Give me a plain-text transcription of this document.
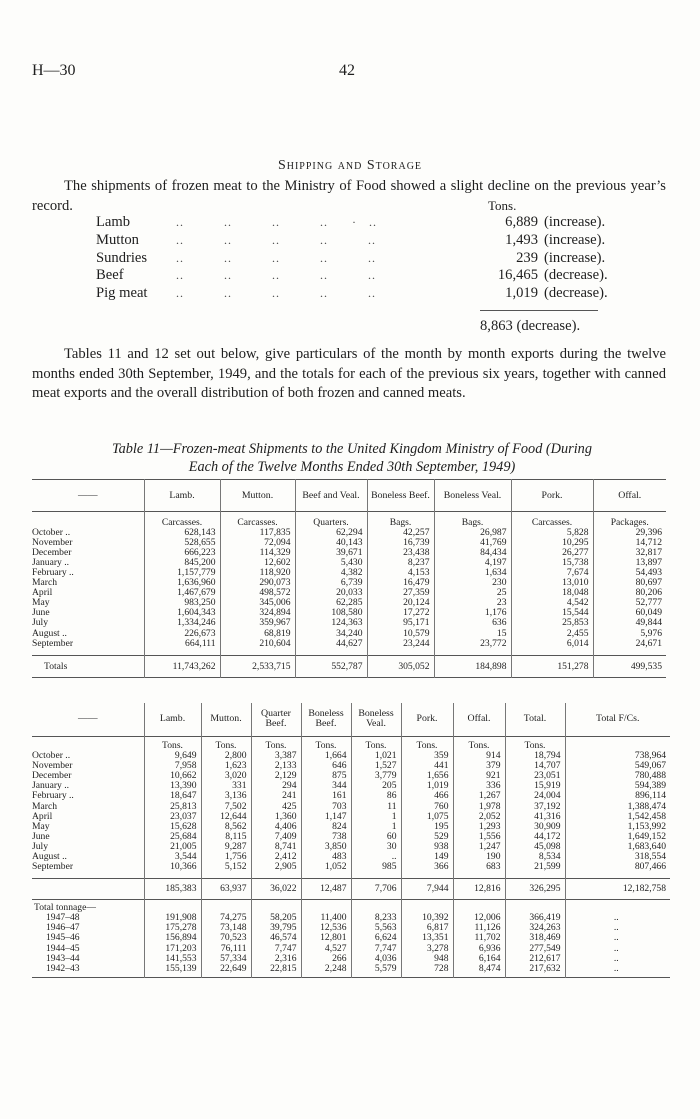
H—30	42
Shipping and Storage
The shipments of frozen meat to the Ministry of Food showed a slight decline on the previous year’s record.	Tons.
Lamb	..          ..          ..          ..      ·   ..	6,889 (increase).
Mutton	..          ..          ..          ..          ..	1,493 (increase).
Sundries ..          ..          ..          ..          ..	239 (increase).
Beef	..          ..          ..          ..          ..	16,465 (decrease).
Pig meat ..          ..          ..          ..          ..	1,019 (decrease).
8,863 (decrease).
Tables 11 and 12 set out below, give particulars of the month by month exports during the twelve months ended 30th September, 1949, and the totals for each of the previous six years, together with canned meat exports and the overall distribution of both frozen and canned meats.
Table 11—Frozen-meat Shipments to the United Kingdom Ministry of Food (During
Each of the Twelve Months Ended 30th September, 1949)
——	Lamb.	Mutton.	Beef and Veal.	Boneless Beef.	Boneless Veal.	Pork.	Offal.

	Carcasses.	Carcasses.	Quarters.	Bags.	Bags.	Carcasses.	Packages.
October ..	628,143	117,835	62,294	42,257	26,987	5,828	29,396
November	528,655	72,094	40,143	16,739	41,769	10,295	14,712
December	666,223	114,329	39,671	23,438	84,434	26,277	32,817
January ..	845,200	12,602	5,430	8,237	4,197	15,738	13,897
February ..	1,157,779	118,920	4,382	4,153	1,634	7,674	54,493
March	1,636,960	290,073	6,739	16,479	230	13,010	80,697
April	1,467,679	498,572	20,033	27,359	25	18,048	80,206
May	983,250	345,006	62,285	20,124	23	4,542	52,777
June	1,604,343	324,894	108,580	17,272	1,176	15,544	60,049
July	1,334,246	359,967	124,363	95,171	636	25,853	49,844
August ..	226,673	68,819	34,240	10,579	15	2,455	5,976
September	664,111	210,604	44,627	23,244	23,772	6,014	24,671

Totals	11,743,262	2,533,715	552,787	305,052	184,898	151,278	499,535
——	Lamb.	Mutton.	Quarter Beef.	Boneless Beef.	Boneless Veal.	Pork.	Offal.	Total.	Total F/Cs.

	Tons.	Tons.	Tons.	Tons.	Tons.	Tons.	Tons.	Tons.	
October ..	9,649	2,800	3,387	1,664	1,021	359	914	18,794	738,964
November	7,958	1,623	2,133	646	1,527	441	379	14,707	549,067
December	10,662	3,020	2,129	875	3,779	1,656	921	23,051	780,488
January ..	13,390	331	294	344	205	1,019	336	15,919	594,389
February ..	18,647	3,136	241	161	86	466	1,267	24,004	896,114
March	25,813	7,502	425	703	11	760	1,978	37,192	1,388,474
April	23,037	12,644	1,360	1,147	1	1,075	2,052	41,316	1,542,458
May	15,628	8,562	4,406	824	1	195	1,293	30,909	1,153,992
June	25,684	8,115	7,409	738	60	529	1,556	44,172	1,649,152
July	21,005	9,287	8,741	3,850	30	938	1,247	45,098	1,683,640
August ..	3,544	1,756	2,412	483	..	149	190	8,534	318,554
September	10,366	5,152	2,905	1,052	985	366	683	21,599	807,466

	185,383	63,937	36,022	12,487	7,706	7,944	12,816	326,295	12,182,758
Total tonnage—									
1947–48	191,908	74,275	58,205	11,400	8,233	10,392	12,006	366,419	..
1946–47	175,278	73,148	39,795	12,536	5,563	6,817	11,126	324,263	..
1945–46	156,894	70,523	46,574	12,801	6,624	13,351	11,702	318,469	..
1944–45	171,203	76,111	7,747	4,527	7,747	3,278	6,936	277,549	..
1943–44	141,553	57,334	2,316	266	4,036	948	6,164	212,617	..
1942–43	155,139	22,649	22,815	2,248	5,579	728	8,474	217,632	..
